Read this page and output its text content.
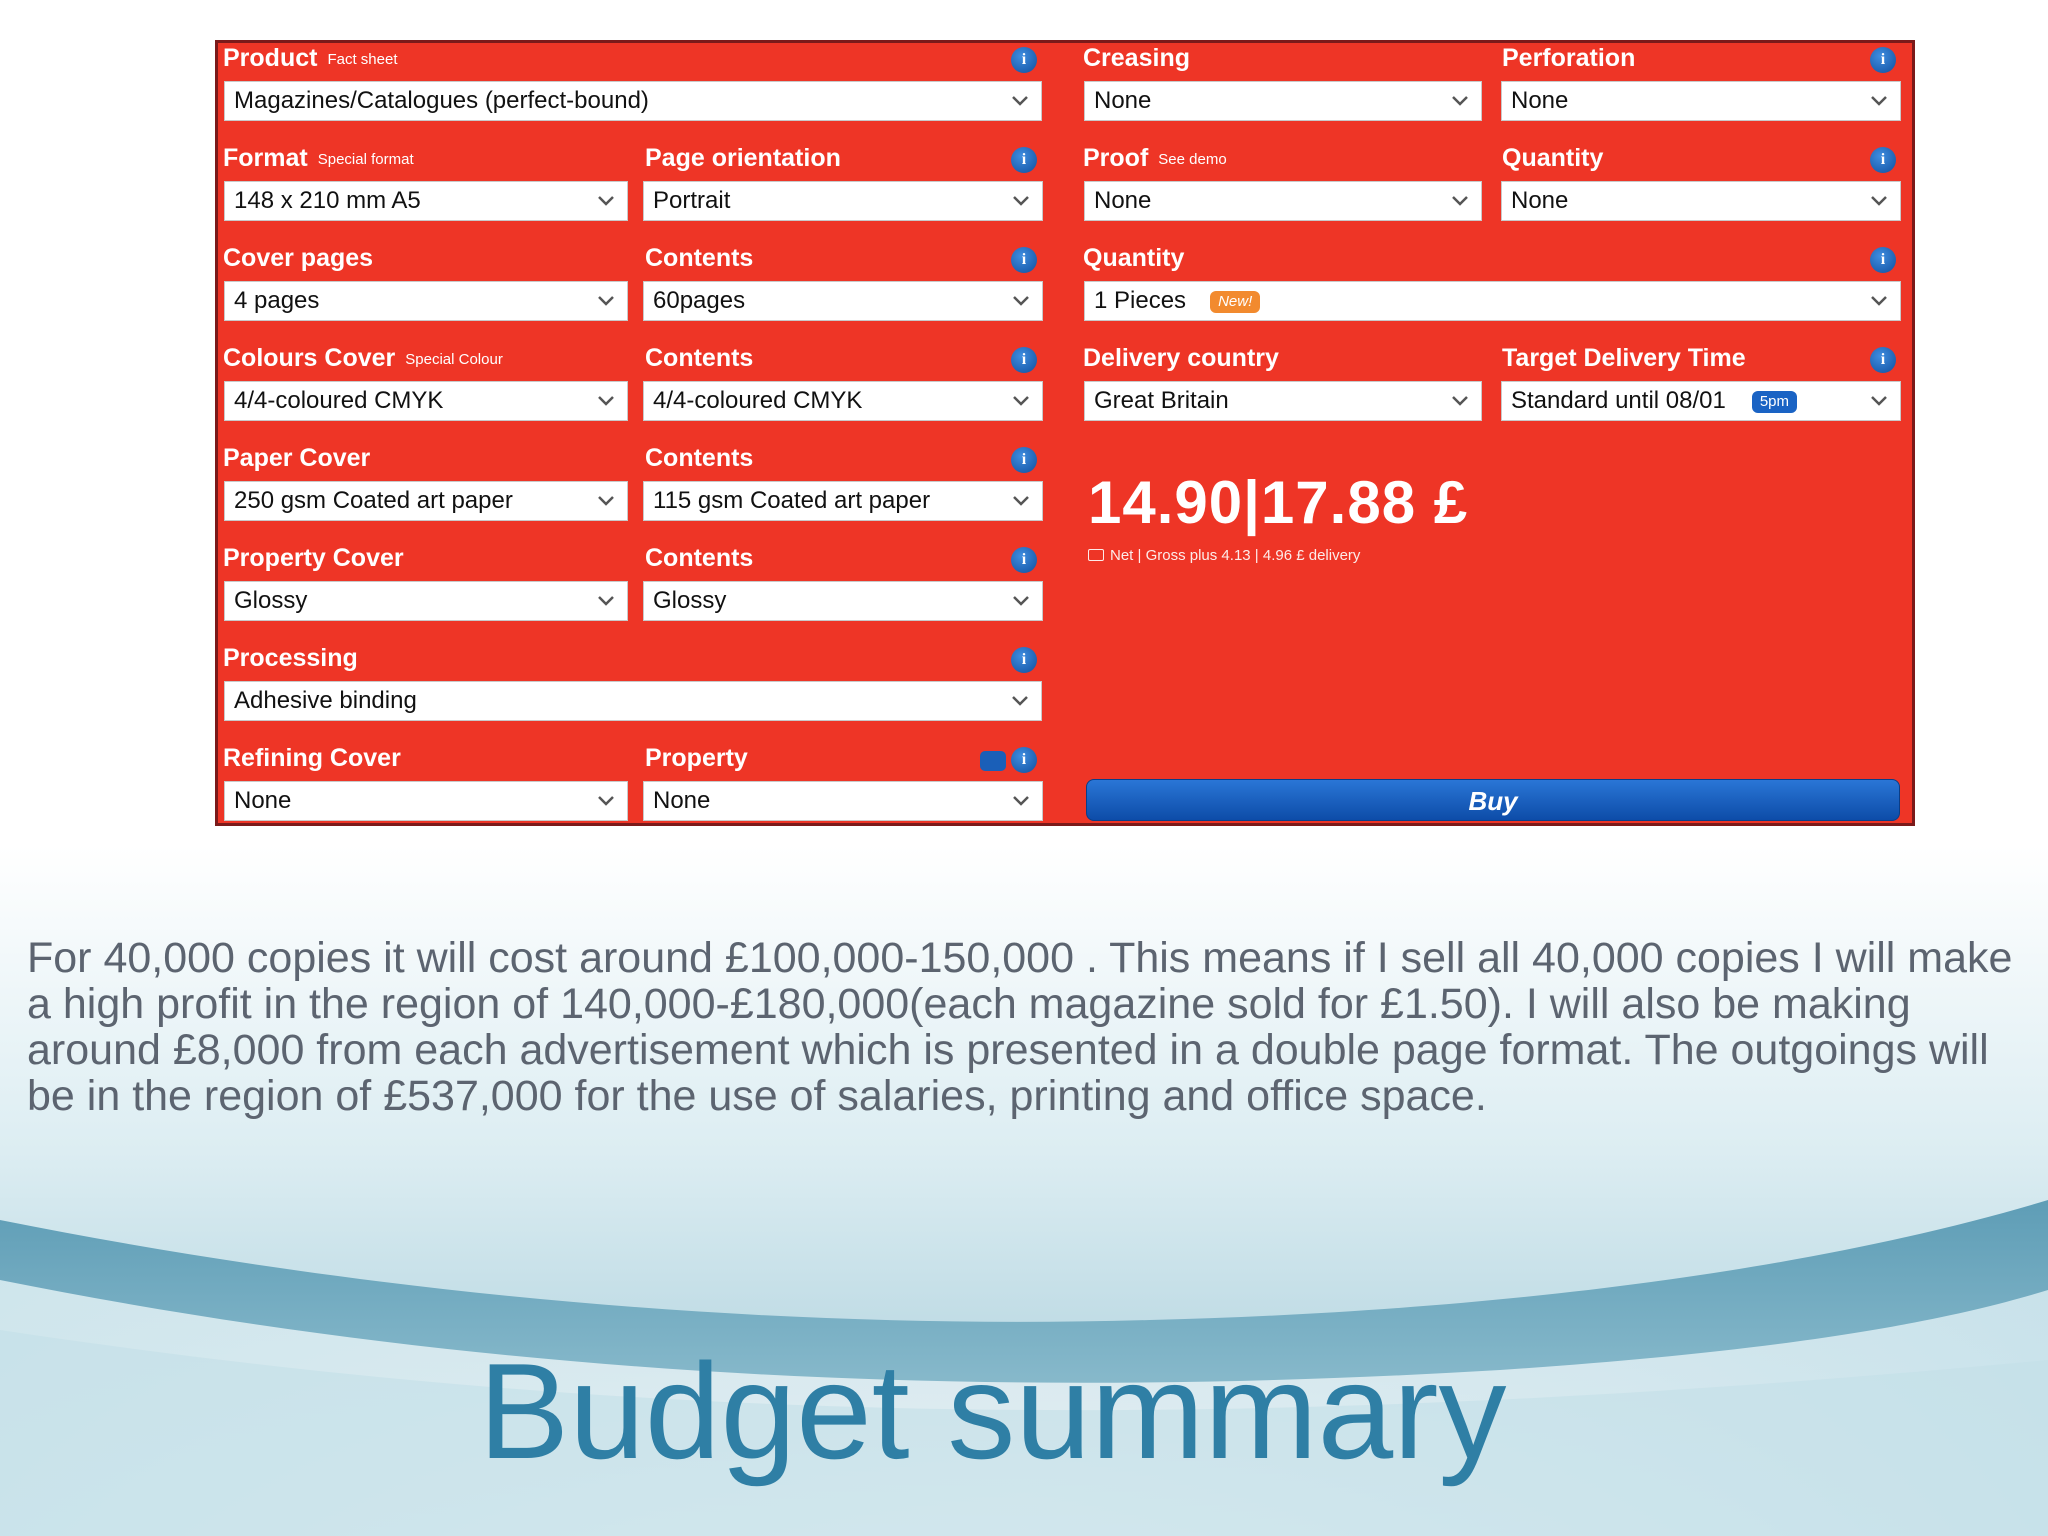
Product Fact sheet	i
Magazines/Catalogues (perfect-bound)
Format Special format
148 x 210 mm A5
Page orientation	i
Portrait
Cover pages
4 pages
Contents	i
60pages
Colours Cover Special Colour
4/4-coloured CMYK
Contents	i
4/4-coloured CMYK
Paper Cover
250 gsm Coated art paper
Contents	i
115 gsm Coated art paper
Property Cover
Glossy
Contents	i
Glossy
Processing	i
Adhesive binding
Refining Cover
None
Property	i
None
Creasing
None
Perforation	i
None
Proof See demo
None
Quantity	i
None
Quantity	i
1 Pieces New!
Delivery country
Great Britain
Target Delivery Time	i
Standard until 08/01 5pm
14.90|17.88 £
Net | Gross plus 4.13 | 4.96 £ delivery
Buy

For 40,000 copies it will cost around £100,000-150,000 . This means if I sell all 40,000 copies I will make a high profit in the region of 140,000-£180,000(each magazine sold for £1.50). I will also be making around £8,000 from each advertisement which is presented in a double page format. The outgoings will be in the region of £537,000 for the use of salaries, printing and office space.

Budget summary
